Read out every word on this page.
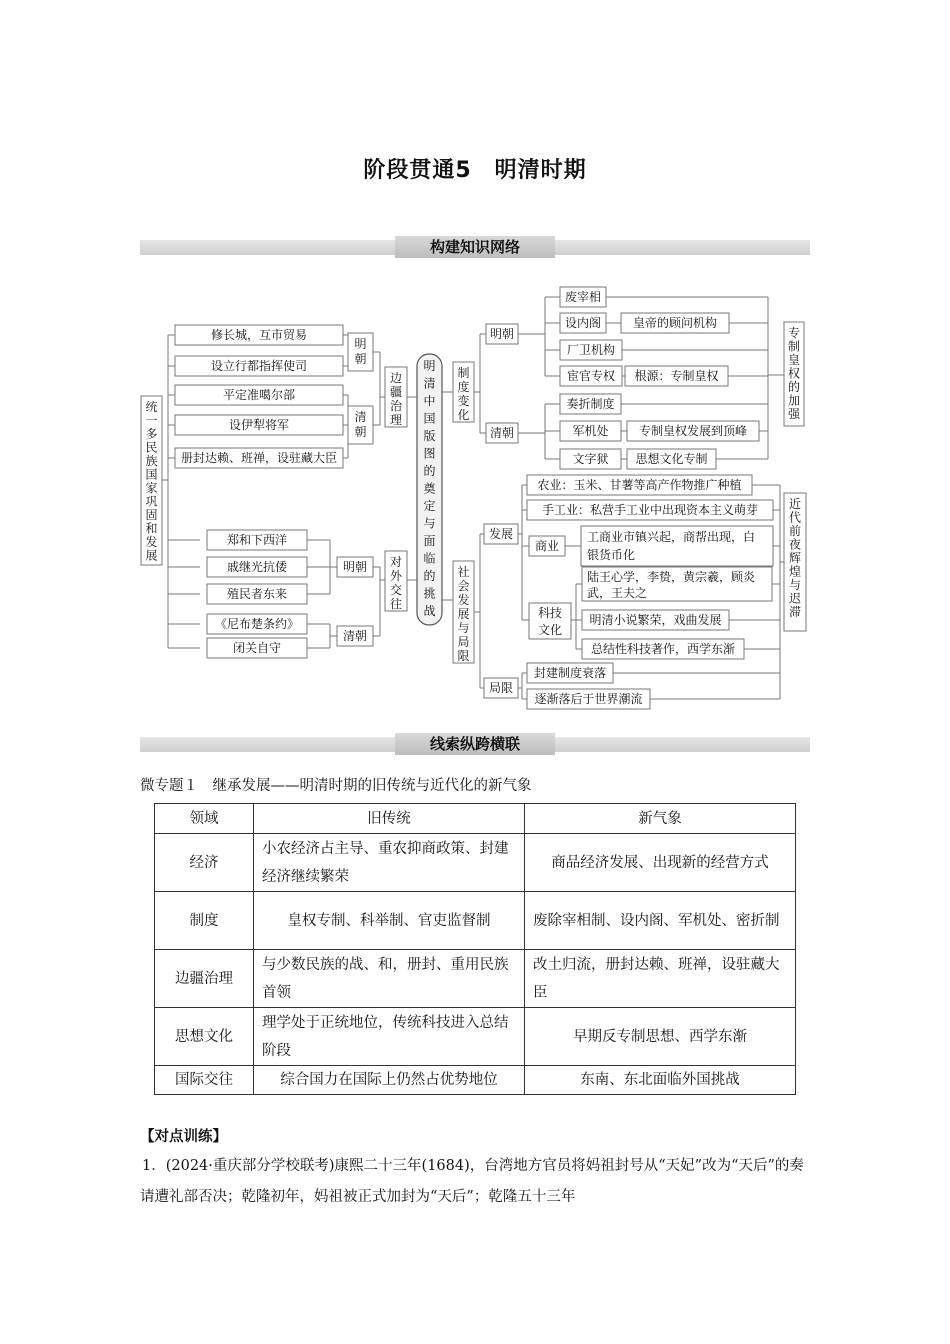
阶段贯通5　明清时期
构建知识网络
明清中国版图的奠定与面临的挑战
统一多民族国家巩固和发展
修长城，互市贸易
设立行都指挥使司
平定准噶尔部
设伊犁将军
册封达赖、班禅，设驻藏大臣
郑和下西洋
戚继光抗倭
殖民者东来
《尼布楚条约》
闭关自守
明朝
清朝
明朝
清朝
边疆治理
对外交往
制度变化
社会发展与局限
明朝
清朝
废宰相
设内阁	皇帝的顾问机构
厂卫机构
宦官专权 根源：专制皇权
奏折制度
军机处	专制皇权发展到顶峰
文字狱 思想文化专制
专制皇权的加强
发展
局限
农业：玉米、甘薯等高产作物推广种植
手工业：私营手工业中出现资本主义萌芽
商业
工商业市镇兴起，商帮出现，白
银货币化
科技
文化
陆王心学，李贽，黄宗羲，顾炎
武，王夫之
明清小说繁荣，戏曲发展
总结性科技著作，西学东渐
封建制度衰落
逐渐落后于世界潮流
近代前夜辉煌与迟滞
线索纵跨横联
微专题１　继承发展——明清时期的旧传统与近代化的新气象
领域	旧传统	新气象
经济	小农经济占主导、重农抑商政策、封建经济继续繁荣	商品经济发展、出现新的经营方式
制度	皇权专制、科举制、官吏监督制	废除宰相制、设内阁、军机处、密折制
边疆治理	与少数民族的战、和，册封、重用民族首领	改土归流，册封达赖、班禅，设驻藏大臣
思想文化	理学处于正统地位，传统科技进入总结阶段	早期反专制思想、西学东渐
国际交往	综合国力在国际上仍然占优势地位	东南、东北面临外国挑战
【对点训练】
1．(2024·重庆部分学校联考)康熙二十三年(1684)，台湾地方官员将妈祖封号从“天妃”改为“天后”的奏请遭礼部否决；乾隆初年，妈祖被正式加封为“天后”；乾隆五十三年
